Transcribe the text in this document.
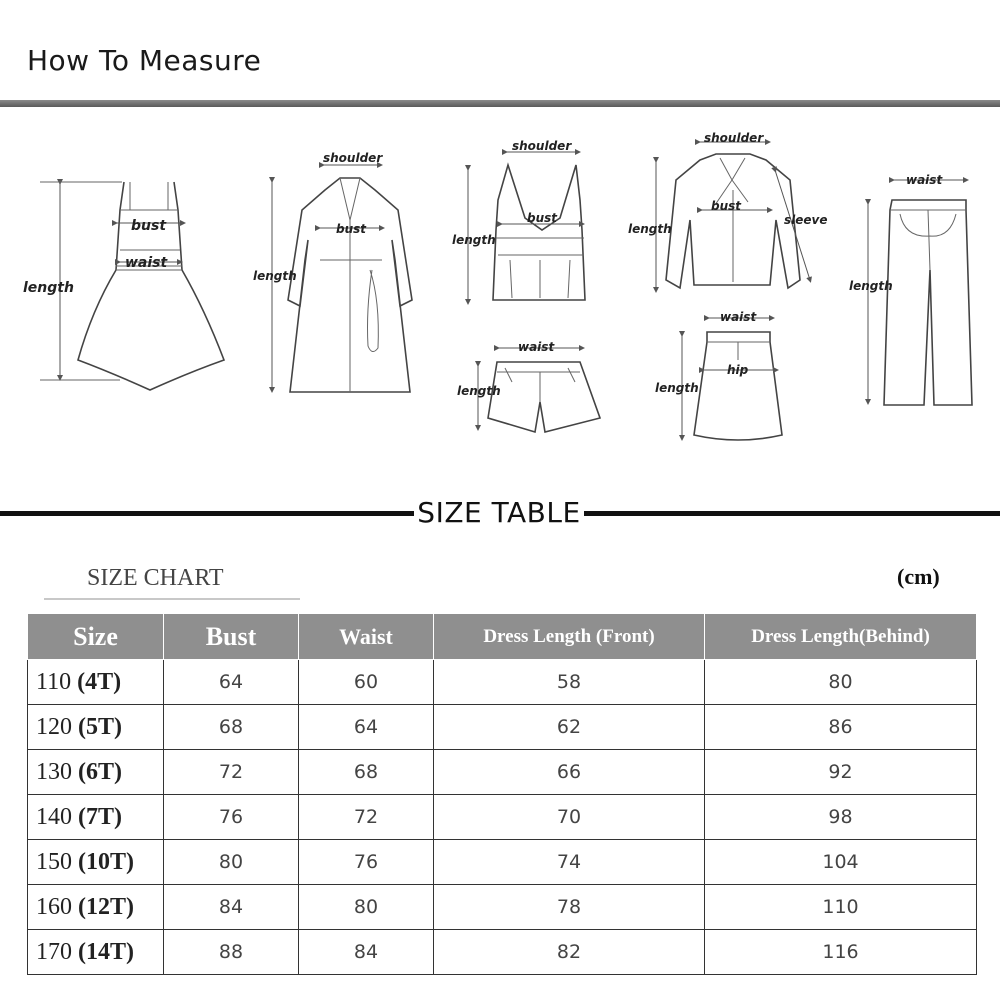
How To Measure
bust
waist
length
shoulder
bust
length
shoulder
bust
length
waist
length
shoulder
bust
length
sleeve
waist
hip
length
waist
length
SIZE TABLE
SIZE CHART	(cm)
Size	Bust	Waist	Dress Length (Front)	Dress Length(Behind)
110 (4T)	64	60	58	80
120 (5T)	68	64	62	86
130 (6T)	72	68	66	92
140 (7T)	76	72	70	98
150 (10T)	80	76	74	104
160 (12T)	84	80	78	110
170 (14T)	88	84	82	116
